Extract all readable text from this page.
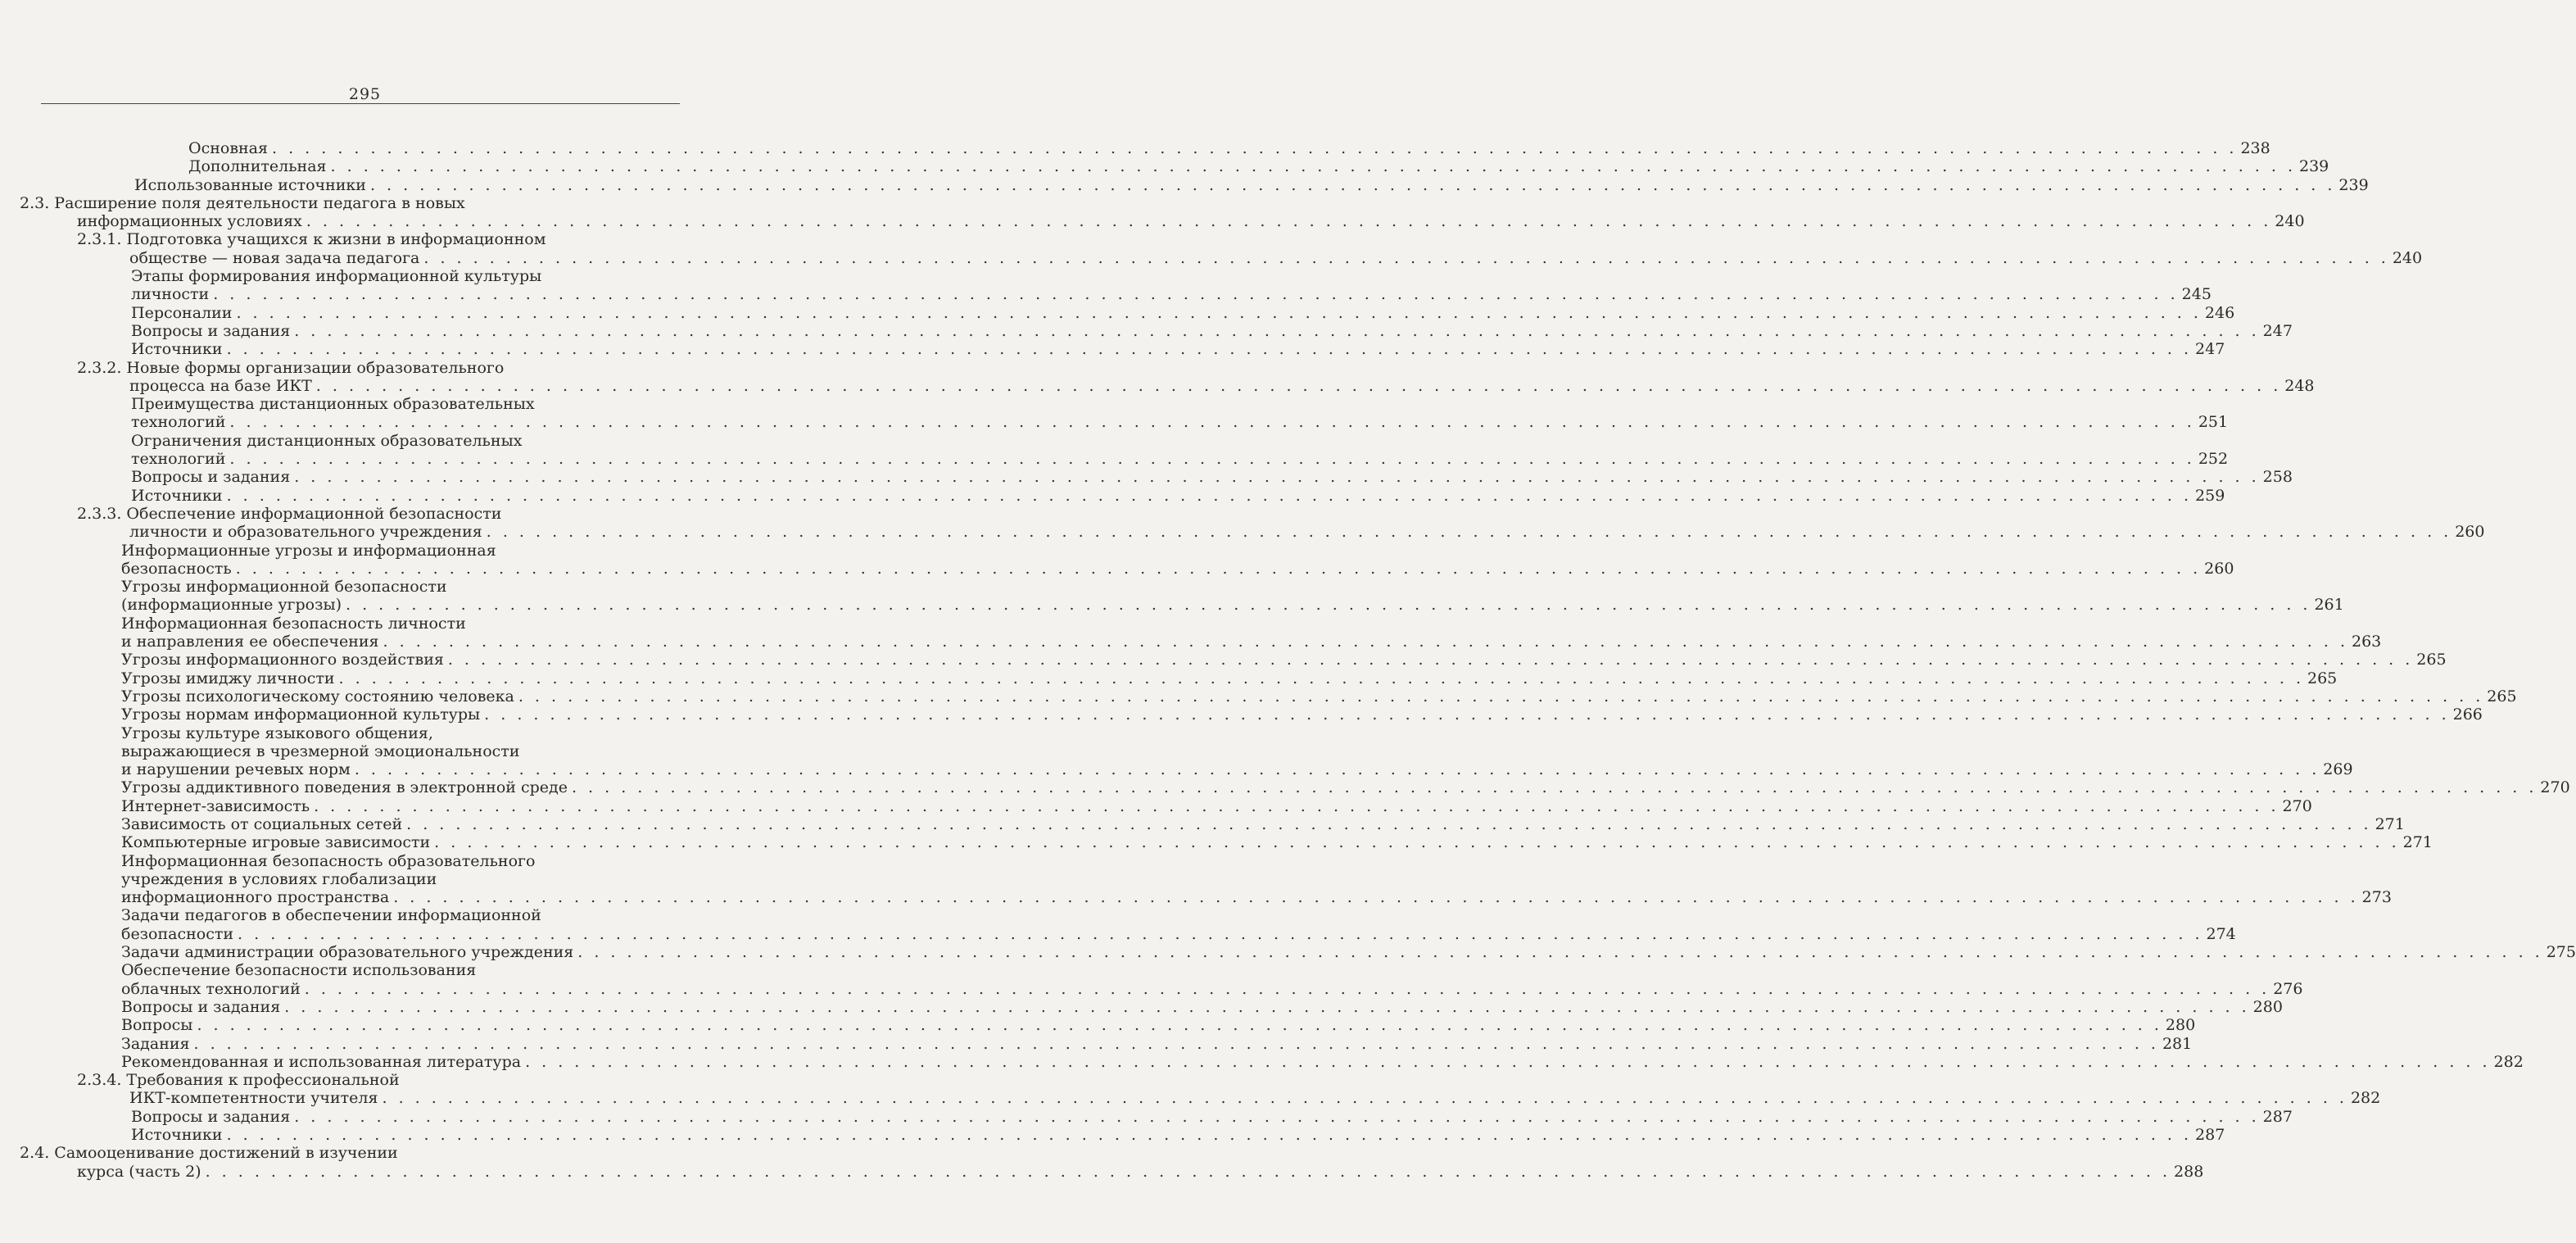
295
Основная . . . . . . . . . . . . . . . . . . . . . . . . . . . . . . . . . . . . . . . . . . . . . . . . . . . . . . . . . . . . . . . . . . . . . . . . . . . . . . . . . . . . . . . . . . . . . . . . . . . . . . . . . . . . . . . . . . . . . . . . 238
Дополнительная . . . . . . . . . . . . . . . . . . . . . . . . . . . . . . . . . . . . . . . . . . . . . . . . . . . . . . . . . . . . . . . . . . . . . . . . . . . . . . . . . . . . . . . . . . . . . . . . . . . . . . . . . . . . . . . . . . . . . . . . 239
Использованные источники . . . . . . . . . . . . . . . . . . . . . . . . . . . . . . . . . . . . . . . . . . . . . . . . . . . . . . . . . . . . . . . . . . . . . . . . . . . . . . . . . . . . . . . . . . . . . . . . . . . . . . . . . . . . . . . . . . . . . . . . 239
2.3. Расширение поля деятельности педагога в новых
информационных условиях . . . . . . . . . . . . . . . . . . . . . . . . . . . . . . . . . . . . . . . . . . . . . . . . . . . . . . . . . . . . . . . . . . . . . . . . . . . . . . . . . . . . . . . . . . . . . . . . . . . . . . . . . . . . . . . . . . . . . . . . 240
2.3.1. Подготовка учащихся к жизни в информационном
обществе — новая задача педагога . . . . . . . . . . . . . . . . . . . . . . . . . . . . . . . . . . . . . . . . . . . . . . . . . . . . . . . . . . . . . . . . . . . . . . . . . . . . . . . . . . . . . . . . . . . . . . . . . . . . . . . . . . . . . . . . . . . . . . . . 240
Этапы формирования информационной культуры
личности . . . . . . . . . . . . . . . . . . . . . . . . . . . . . . . . . . . . . . . . . . . . . . . . . . . . . . . . . . . . . . . . . . . . . . . . . . . . . . . . . . . . . . . . . . . . . . . . . . . . . . . . . . . . . . . . . . . . . . . . 245
Персоналии . . . . . . . . . . . . . . . . . . . . . . . . . . . . . . . . . . . . . . . . . . . . . . . . . . . . . . . . . . . . . . . . . . . . . . . . . . . . . . . . . . . . . . . . . . . . . . . . . . . . . . . . . . . . . . . . . . . . . . . . 246
Вопросы и задания . . . . . . . . . . . . . . . . . . . . . . . . . . . . . . . . . . . . . . . . . . . . . . . . . . . . . . . . . . . . . . . . . . . . . . . . . . . . . . . . . . . . . . . . . . . . . . . . . . . . . . . . . . . . . . . . . . . . . . . . 247
Источники . . . . . . . . . . . . . . . . . . . . . . . . . . . . . . . . . . . . . . . . . . . . . . . . . . . . . . . . . . . . . . . . . . . . . . . . . . . . . . . . . . . . . . . . . . . . . . . . . . . . . . . . . . . . . . . . . . . . . . . . 247
2.3.2. Новые формы организации образовательного
процесса на базе ИКТ . . . . . . . . . . . . . . . . . . . . . . . . . . . . . . . . . . . . . . . . . . . . . . . . . . . . . . . . . . . . . . . . . . . . . . . . . . . . . . . . . . . . . . . . . . . . . . . . . . . . . . . . . . . . . . . . . . . . . . . . 248
Преимущества дистанционных образовательных
технологий . . . . . . . . . . . . . . . . . . . . . . . . . . . . . . . . . . . . . . . . . . . . . . . . . . . . . . . . . . . . . . . . . . . . . . . . . . . . . . . . . . . . . . . . . . . . . . . . . . . . . . . . . . . . . . . . . . . . . . . . 251
Ограничения дистанционных образовательных
технологий . . . . . . . . . . . . . . . . . . . . . . . . . . . . . . . . . . . . . . . . . . . . . . . . . . . . . . . . . . . . . . . . . . . . . . . . . . . . . . . . . . . . . . . . . . . . . . . . . . . . . . . . . . . . . . . . . . . . . . . . 252
Вопросы и задания . . . . . . . . . . . . . . . . . . . . . . . . . . . . . . . . . . . . . . . . . . . . . . . . . . . . . . . . . . . . . . . . . . . . . . . . . . . . . . . . . . . . . . . . . . . . . . . . . . . . . . . . . . . . . . . . . . . . . . . . 258
Источники . . . . . . . . . . . . . . . . . . . . . . . . . . . . . . . . . . . . . . . . . . . . . . . . . . . . . . . . . . . . . . . . . . . . . . . . . . . . . . . . . . . . . . . . . . . . . . . . . . . . . . . . . . . . . . . . . . . . . . . . 259
2.3.3. Обеспечение информационной безопасности
личности и образовательного учреждения . . . . . . . . . . . . . . . . . . . . . . . . . . . . . . . . . . . . . . . . . . . . . . . . . . . . . . . . . . . . . . . . . . . . . . . . . . . . . . . . . . . . . . . . . . . . . . . . . . . . . . . . . . . . . . . . . . . . . . . . 260
Информационные угрозы и информационная
безопасность . . . . . . . . . . . . . . . . . . . . . . . . . . . . . . . . . . . . . . . . . . . . . . . . . . . . . . . . . . . . . . . . . . . . . . . . . . . . . . . . . . . . . . . . . . . . . . . . . . . . . . . . . . . . . . . . . . . . . . . . 260
Угрозы информационной безопасности
(информационные угрозы) . . . . . . . . . . . . . . . . . . . . . . . . . . . . . . . . . . . . . . . . . . . . . . . . . . . . . . . . . . . . . . . . . . . . . . . . . . . . . . . . . . . . . . . . . . . . . . . . . . . . . . . . . . . . . . . . . . . . . . . . 261
Информационная безопасность личности
и направления ее обеспечения . . . . . . . . . . . . . . . . . . . . . . . . . . . . . . . . . . . . . . . . . . . . . . . . . . . . . . . . . . . . . . . . . . . . . . . . . . . . . . . . . . . . . . . . . . . . . . . . . . . . . . . . . . . . . . . . . . . . . . . . 263
Угрозы информационного воздействия . . . . . . . . . . . . . . . . . . . . . . . . . . . . . . . . . . . . . . . . . . . . . . . . . . . . . . . . . . . . . . . . . . . . . . . . . . . . . . . . . . . . . . . . . . . . . . . . . . . . . . . . . . . . . . . . . . . . . . . . 265
Угрозы имиджу личности . . . . . . . . . . . . . . . . . . . . . . . . . . . . . . . . . . . . . . . . . . . . . . . . . . . . . . . . . . . . . . . . . . . . . . . . . . . . . . . . . . . . . . . . . . . . . . . . . . . . . . . . . . . . . . . . . . . . . . . . 265
Угрозы психологическому состоянию человека . . . . . . . . . . . . . . . . . . . . . . . . . . . . . . . . . . . . . . . . . . . . . . . . . . . . . . . . . . . . . . . . . . . . . . . . . . . . . . . . . . . . . . . . . . . . . . . . . . . . . . . . . . . . . . . . . . . . . . . . 265
Угрозы нормам информационной культуры . . . . . . . . . . . . . . . . . . . . . . . . . . . . . . . . . . . . . . . . . . . . . . . . . . . . . . . . . . . . . . . . . . . . . . . . . . . . . . . . . . . . . . . . . . . . . . . . . . . . . . . . . . . . . . . . . . . . . . . . 266
Угрозы культуре языкового общения,
выражающиеся в чрезмерной эмоциональности
и нарушении речевых норм . . . . . . . . . . . . . . . . . . . . . . . . . . . . . . . . . . . . . . . . . . . . . . . . . . . . . . . . . . . . . . . . . . . . . . . . . . . . . . . . . . . . . . . . . . . . . . . . . . . . . . . . . . . . . . . . . . . . . . . . 269
Угрозы аддиктивного поведения в электронной среде . . . . . . . . . . . . . . . . . . . . . . . . . . . . . . . . . . . . . . . . . . . . . . . . . . . . . . . . . . . . . . . . . . . . . . . . . . . . . . . . . . . . . . . . . . . . . . . . . . . . . . . . . . . . . . . . . . . . . . . . 270
Интернет-зависимость . . . . . . . . . . . . . . . . . . . . . . . . . . . . . . . . . . . . . . . . . . . . . . . . . . . . . . . . . . . . . . . . . . . . . . . . . . . . . . . . . . . . . . . . . . . . . . . . . . . . . . . . . . . . . . . . . . . . . . . . 270
Зависимость от социальных сетей . . . . . . . . . . . . . . . . . . . . . . . . . . . . . . . . . . . . . . . . . . . . . . . . . . . . . . . . . . . . . . . . . . . . . . . . . . . . . . . . . . . . . . . . . . . . . . . . . . . . . . . . . . . . . . . . . . . . . . . . 271
Компьютерные игровые зависимости . . . . . . . . . . . . . . . . . . . . . . . . . . . . . . . . . . . . . . . . . . . . . . . . . . . . . . . . . . . . . . . . . . . . . . . . . . . . . . . . . . . . . . . . . . . . . . . . . . . . . . . . . . . . . . . . . . . . . . . . 271
Информационная безопасность образовательного
учреждения в условиях глобализации
информационного пространства . . . . . . . . . . . . . . . . . . . . . . . . . . . . . . . . . . . . . . . . . . . . . . . . . . . . . . . . . . . . . . . . . . . . . . . . . . . . . . . . . . . . . . . . . . . . . . . . . . . . . . . . . . . . . . . . . . . . . . . . 273
Задачи педагогов в обеспечении информационной
безопасности . . . . . . . . . . . . . . . . . . . . . . . . . . . . . . . . . . . . . . . . . . . . . . . . . . . . . . . . . . . . . . . . . . . . . . . . . . . . . . . . . . . . . . . . . . . . . . . . . . . . . . . . . . . . . . . . . . . . . . . . 274
Задачи администрации образовательного учреждения . . . . . . . . . . . . . . . . . . . . . . . . . . . . . . . . . . . . . . . . . . . . . . . . . . . . . . . . . . . . . . . . . . . . . . . . . . . . . . . . . . . . . . . . . . . . . . . . . . . . . . . . . . . . . . . . . . . . . . . . 275
Обеспечение безопасности использования
облачных технологий . . . . . . . . . . . . . . . . . . . . . . . . . . . . . . . . . . . . . . . . . . . . . . . . . . . . . . . . . . . . . . . . . . . . . . . . . . . . . . . . . . . . . . . . . . . . . . . . . . . . . . . . . . . . . . . . . . . . . . . . 276
Вопросы и задания . . . . . . . . . . . . . . . . . . . . . . . . . . . . . . . . . . . . . . . . . . . . . . . . . . . . . . . . . . . . . . . . . . . . . . . . . . . . . . . . . . . . . . . . . . . . . . . . . . . . . . . . . . . . . . . . . . . . . . . . 280
Вопросы . . . . . . . . . . . . . . . . . . . . . . . . . . . . . . . . . . . . . . . . . . . . . . . . . . . . . . . . . . . . . . . . . . . . . . . . . . . . . . . . . . . . . . . . . . . . . . . . . . . . . . . . . . . . . . . . . . . . . . . . 280
Задания . . . . . . . . . . . . . . . . . . . . . . . . . . . . . . . . . . . . . . . . . . . . . . . . . . . . . . . . . . . . . . . . . . . . . . . . . . . . . . . . . . . . . . . . . . . . . . . . . . . . . . . . . . . . . . . . . . . . . . . . 281
Рекомендованная и использованная литература . . . . . . . . . . . . . . . . . . . . . . . . . . . . . . . . . . . . . . . . . . . . . . . . . . . . . . . . . . . . . . . . . . . . . . . . . . . . . . . . . . . . . . . . . . . . . . . . . . . . . . . . . . . . . . . . . . . . . . . . 282
2.3.4. Требования к профессиональной
ИКТ-компетентности учителя . . . . . . . . . . . . . . . . . . . . . . . . . . . . . . . . . . . . . . . . . . . . . . . . . . . . . . . . . . . . . . . . . . . . . . . . . . . . . . . . . . . . . . . . . . . . . . . . . . . . . . . . . . . . . . . . . . . . . . . . 282
Вопросы и задания . . . . . . . . . . . . . . . . . . . . . . . . . . . . . . . . . . . . . . . . . . . . . . . . . . . . . . . . . . . . . . . . . . . . . . . . . . . . . . . . . . . . . . . . . . . . . . . . . . . . . . . . . . . . . . . . . . . . . . . . 287
Источники . . . . . . . . . . . . . . . . . . . . . . . . . . . . . . . . . . . . . . . . . . . . . . . . . . . . . . . . . . . . . . . . . . . . . . . . . . . . . . . . . . . . . . . . . . . . . . . . . . . . . . . . . . . . . . . . . . . . . . . . 287
2.4. Самооценивание достижений в изучении
курса (часть 2) . . . . . . . . . . . . . . . . . . . . . . . . . . . . . . . . . . . . . . . . . . . . . . . . . . . . . . . . . . . . . . . . . . . . . . . . . . . . . . . . . . . . . . . . . . . . . . . . . . . . . . . . . . . . . . . . . . . . . . . . 288
